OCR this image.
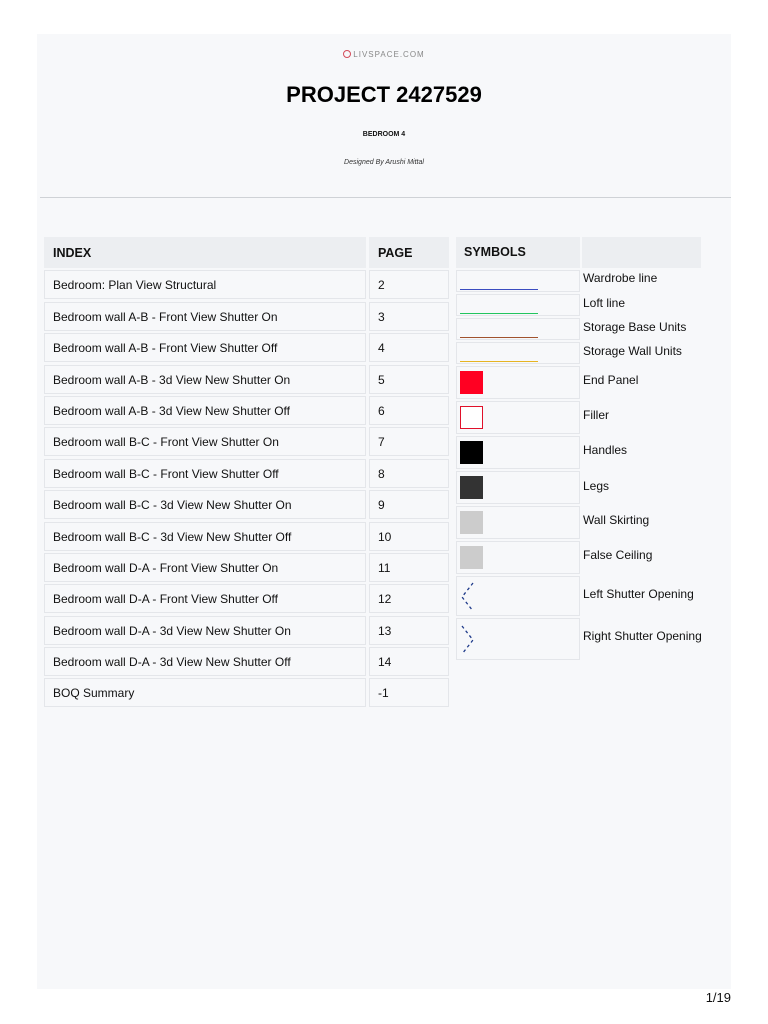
LIVSPACE.COM
PROJECT 2427529
BEDROOM 4
Designed By Arushi Mittal
INDEX	PAGE
Bedroom: Plan View Structural	2
Bedroom wall A-B - Front View Shutter On	3
Bedroom wall A-B - Front View Shutter Off	4
Bedroom wall A-B - 3d View New Shutter On	5
Bedroom wall A-B - 3d View New Shutter Off	6
Bedroom wall B-C - Front View Shutter On	7
Bedroom wall B-C - Front View Shutter Off	8
Bedroom wall B-C - 3d View New Shutter On	9
Bedroom wall B-C - 3d View New Shutter Off	10
Bedroom wall D-A - Front View Shutter On	11
Bedroom wall D-A - Front View Shutter Off	12
Bedroom wall D-A - 3d View New Shutter On	13
Bedroom wall D-A - 3d View New Shutter Off	14
BOQ Summary	-1
SYMBOLS
Wardrobe line
Loft line
Storage Base Units
Storage Wall Units
End Panel
Filler
Handles
Legs
Wall Skirting
False Ceiling
Left Shutter Opening
Right Shutter Opening
1/19
